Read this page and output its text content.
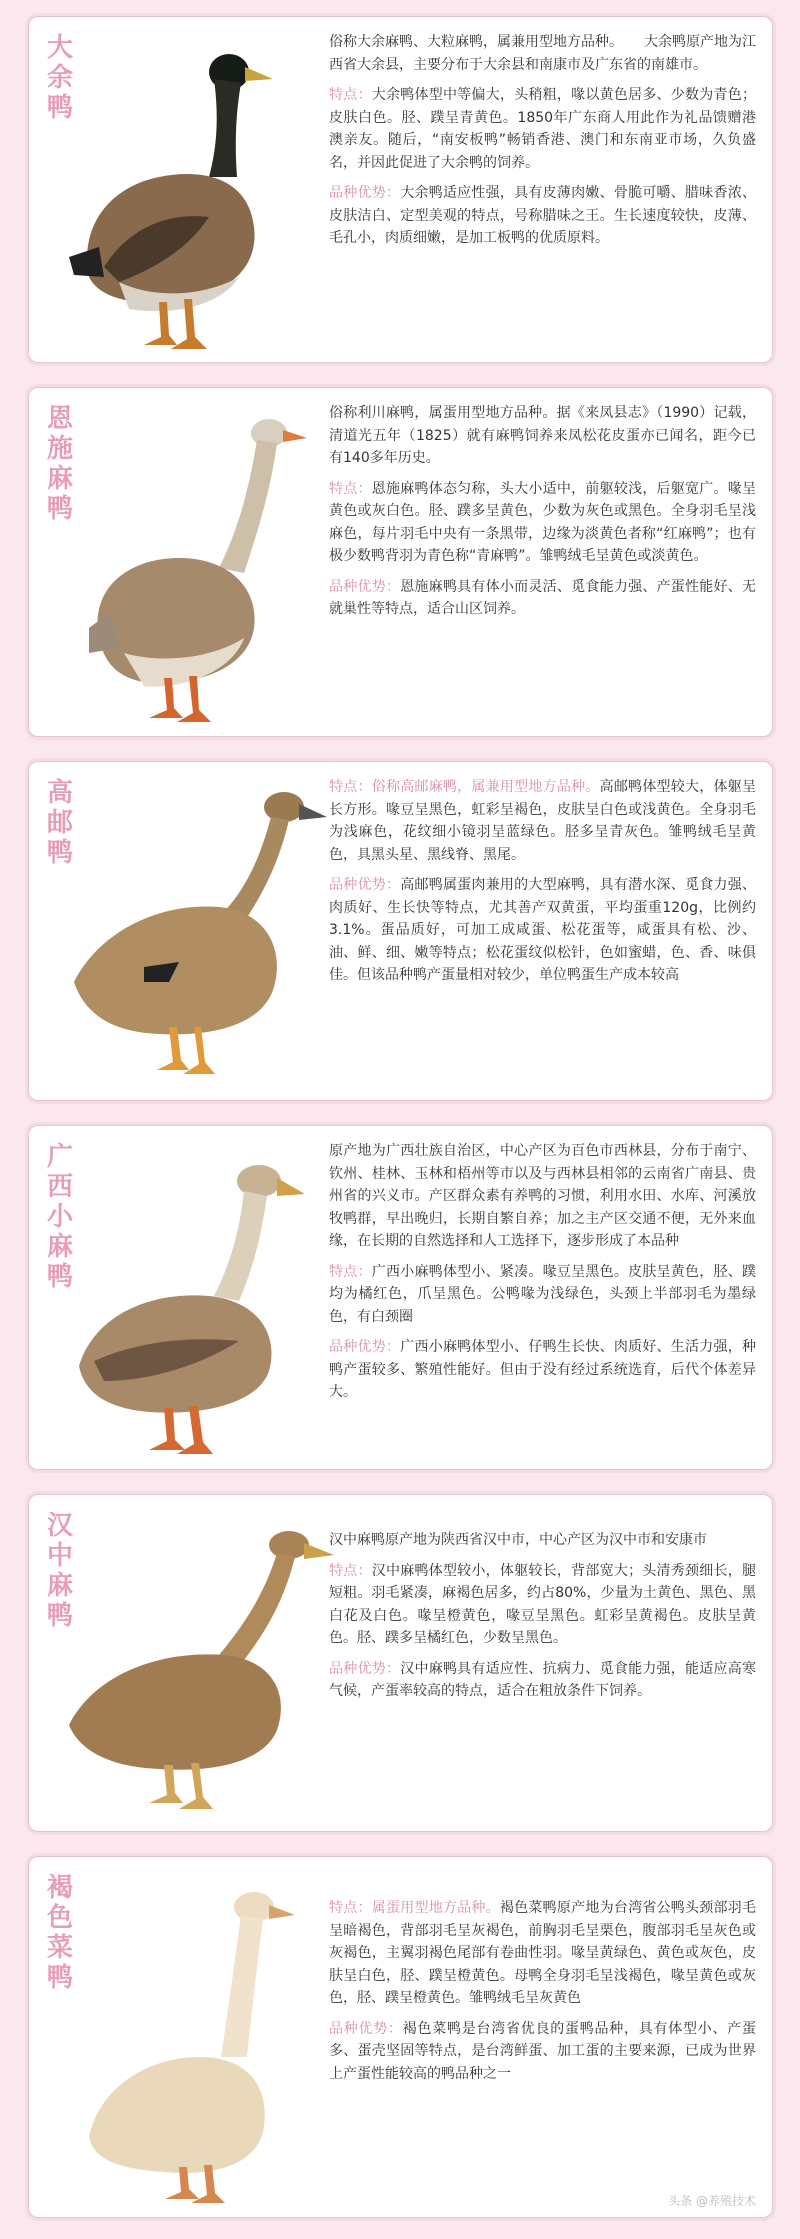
大
余
鸭

俗称大余麻鸭、大粒麻鸭，属兼用型地方品种。　　大余鸭原产地为江西省大余县，主要分布于大余县和南康市及广东省的南雄市。

特点：大余鸭体型中等偏大，头稍粗，喙以黄色居多、少数为青色；皮肤白色。胫、蹼呈青黄色。1850年广东商人用此作为礼品馈赠港澳亲友。随后，“南安板鸭”畅销香港、澳门和东南亚市场，久负盛名，并因此促进了大余鸭的饲养。

品种优势：大余鸭适应性强，具有皮薄肉嫩、骨脆可嚼、腊味香浓、皮肤洁白、定型美观的特点，号称腊味之王。生长速度较快，皮薄、毛孔小，肉质细嫩，是加工板鸭的优质原料。

恩
施
麻
鸭

俗称利川麻鸭，属蛋用型地方品种。据《来凤县志》（1990）记载，清道光五年（1825）就有麻鸭饲养来凤松花皮蛋亦已闻名，距今已有140多年历史。

特点：恩施麻鸭体态匀称，头大小适中，前躯较浅，后躯宽广。喙呈黄色或灰白色。胫、蹼多呈黄色，少数为灰色或黑色。全身羽毛呈浅麻色，每片羽毛中央有一条黑带，边缘为淡黄色者称“红麻鸭”；也有极少数鸭背羽为青色称“青麻鸭”。雏鸭绒毛呈黄色或淡黄色。

品种优势：恩施麻鸭具有体小而灵活、觅食能力强、产蛋性能好、无就巢性等特点，适合山区饲养。

高
邮
鸭

特点：俗称高邮麻鸭，属兼用型地方品种。高邮鸭体型较大，体躯呈长方形。喙豆呈黑色，虹彩呈褐色，皮肤呈白色或浅黄色。全身羽毛为浅麻色，花纹细小镜羽呈蓝绿色。胫多呈青灰色。雏鸭绒毛呈黄色，具黑头星、黑线脊、黑尾。

品种优势：高邮鸭属蛋肉兼用的大型麻鸭，具有潜水深、觅食力强、肉质好、生长快等特点，尤其善产双黄蛋，平均蛋重120g，比例约3.1%。蛋品质好，可加工成咸蛋、松花蛋等，咸蛋具有松、沙、油、鲜、细、嫩等特点；松花蛋纹似松针，色如蜜蜡，色、香、味俱佳。但该品种鸭产蛋量相对较少，单位鸭蛋生产成本较高

广
西
小
麻
鸭

原产地为广西壮族自治区，中心产区为百色市西林县，分布于南宁、钦州、桂林、玉林和梧州等市以及与西林县相邻的云南省广南县、贵州省的兴义市。产区群众素有养鸭的习惯，利用水田、水库、河溪放牧鸭群，早出晚归，长期自繁自养；加之主产区交通不便，无外来血缘，在长期的自然选择和人工选择下，逐步形成了本品种

特点：广西小麻鸭体型小、紧凑。喙豆呈黑色。皮肤呈黄色，胫、蹼均为橘红色，爪呈黑色。公鸭喙为浅绿色，头颈上半部羽毛为墨绿色，有白颈圈

品种优势：广西小麻鸭体型小、仔鸭生长快、肉质好、生活力强，种鸭产蛋较多、繁殖性能好。但由于没有经过系统选育，后代个体差异大。

汉
中
麻
鸭

汉中麻鸭原产地为陕西省汉中市，中心产区为汉中市和安康市

特点：汉中麻鸭体型较小，体躯较长，背部宽大；头清秀颈细长，腿短粗。羽毛紧凑，麻褐色居多，约占80%，少量为土黄色、黑色、黑白花及白色。喙呈橙黄色，喙豆呈黑色。虹彩呈黄褐色。皮肤呈黄色。胫、蹼多呈橘红色，少数呈黑色。

品种优势：汉中麻鸭具有适应性、抗病力、觅食能力强，能适应高寒气候，产蛋率较高的特点，适合在粗放条件下饲养。

褐
色
菜
鸭

特点：属蛋用型地方品种。褐色菜鸭原产地为台湾省公鸭头颈部羽毛呈暗褐色，背部羽毛呈灰褐色，前胸羽毛呈栗色，腹部羽毛呈灰色或灰褐色，主翼羽褐色尾部有卷曲性羽。喙呈黄绿色、黄色或灰色，皮肤呈白色，胫、蹼呈橙黄色。母鸭全身羽毛呈浅褐色，喙呈黄色或灰色，胫、蹼呈橙黄色。雏鸭绒毛呈灰黄色

品种优势：褐色菜鸭是台湾省优良的蛋鸭品种，具有体型小、产蛋多、蛋壳坚固等特点，是台湾鲜蛋、加工蛋的主要来源，已成为世界上产蛋性能较高的鸭品种之一

头条 @养殖技术
